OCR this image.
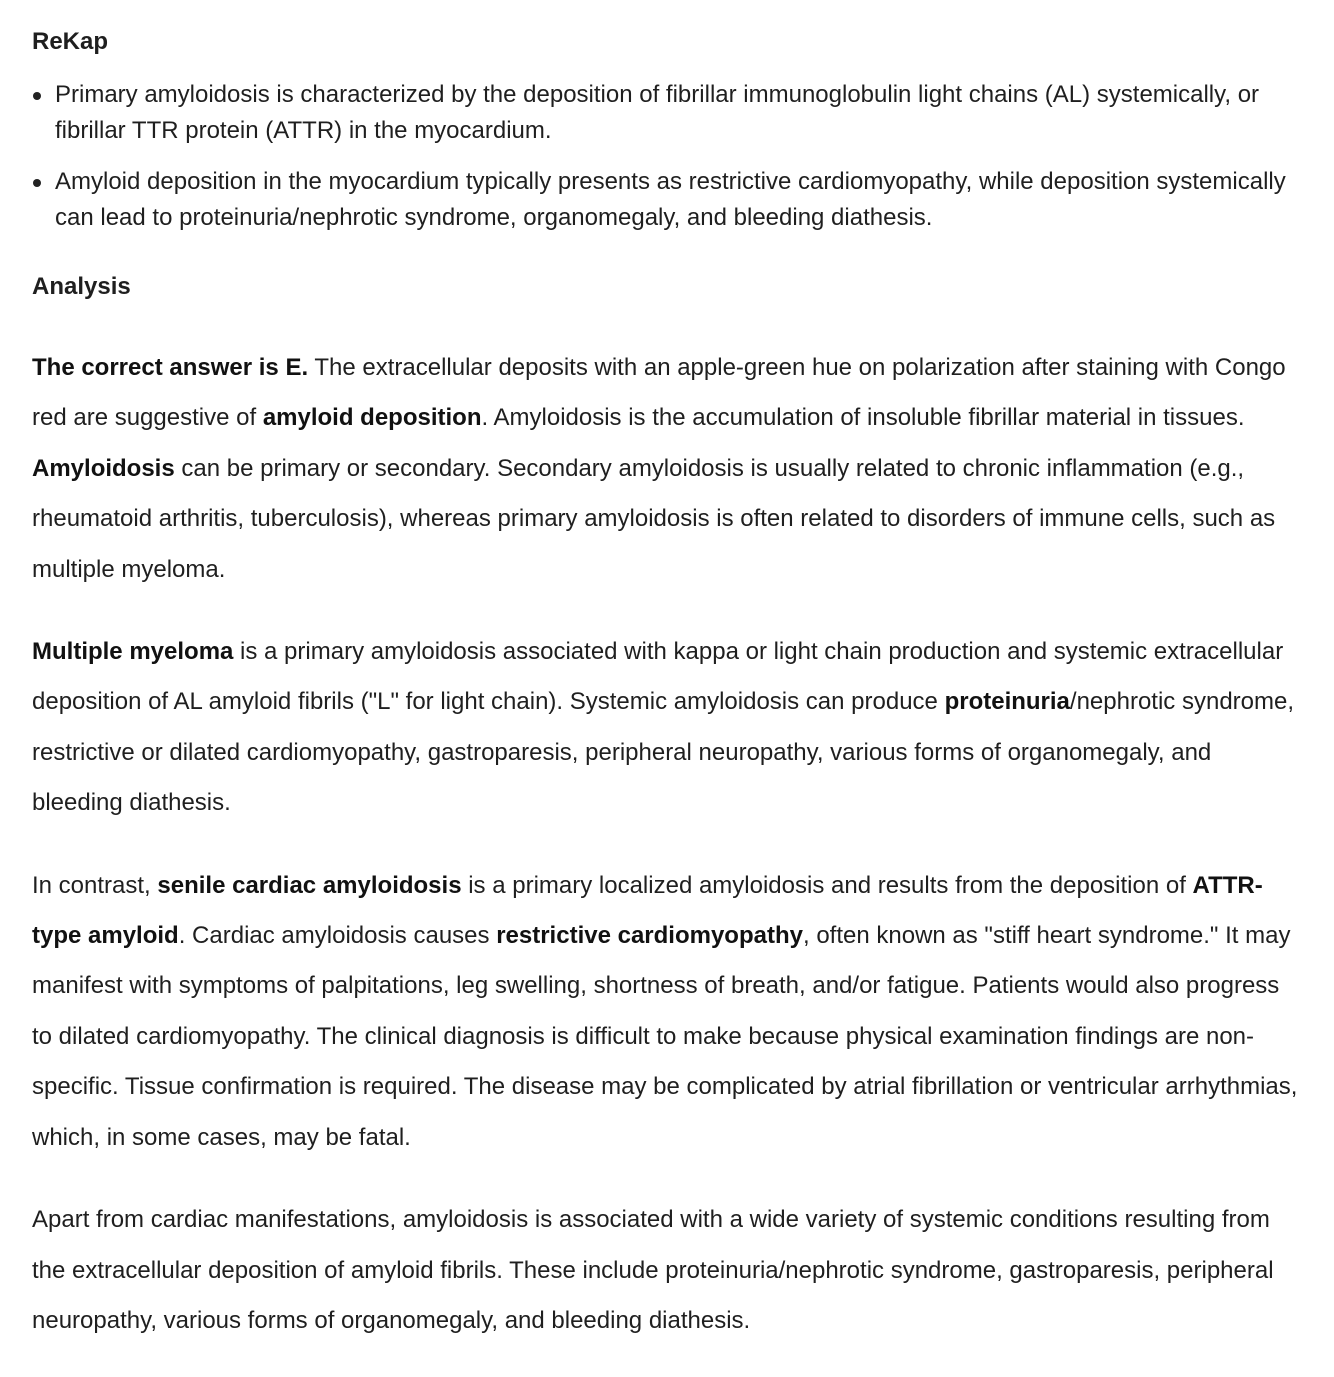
ReKap
Primary amyloidosis is characterized by the deposition of fibrillar immunoglobulin light chains (AL) systemically, or fibrillar TTR protein (ATTR) in the myocardium.
Amyloid deposition in the myocardium typically presents as restrictive cardiomyopathy, while deposition systemically can lead to proteinuria/nephrotic syndrome, organomegaly, and bleeding diathesis.
Analysis

The correct answer is E. The extracellular deposits with an apple-green hue on polarization after staining with Congo red are suggestive of amyloid deposition. Amyloidosis is the accumulation of insoluble fibrillar material in tissues. Amyloidosis can be primary or secondary. Secondary amyloidosis is usually related to chronic inflammation (e.g., rheumatoid arthritis, tuberculosis), whereas primary amyloidosis is often related to disorders of immune cells, such as multiple myeloma.

Multiple myeloma is a primary amyloidosis associated with kappa or light chain production and systemic extracellular deposition of AL amyloid fibrils ("L" for light chain). Systemic amyloidosis can produce proteinuria/nephrotic syndrome, restrictive or dilated cardiomyopathy, gastroparesis, peripheral neuropathy, various forms of organomegaly, and bleeding diathesis.

In contrast, senile cardiac amyloidosis is a primary localized amyloidosis and results from the deposition of ATTR-type amyloid. Cardiac amyloidosis causes restrictive cardiomyopathy, often known as "stiff heart syndrome." It may manifest with symptoms of palpitations, leg swelling, shortness of breath, and/or fatigue. Patients would also progress to dilated cardiomyopathy. The clinical diagnosis is difficult to make because physical examination findings are non-specific. Tissue confirmation is required. The disease may be complicated by atrial fibrillation or ventricular arrhythmias, which, in some cases, may be fatal.

Apart from cardiac manifestations, amyloidosis is associated with a wide variety of systemic conditions resulting from the extracellular deposition of amyloid fibrils. These include proteinuria/nephrotic syndrome, gastroparesis, peripheral neuropathy, various forms of organomegaly, and bleeding diathesis.
